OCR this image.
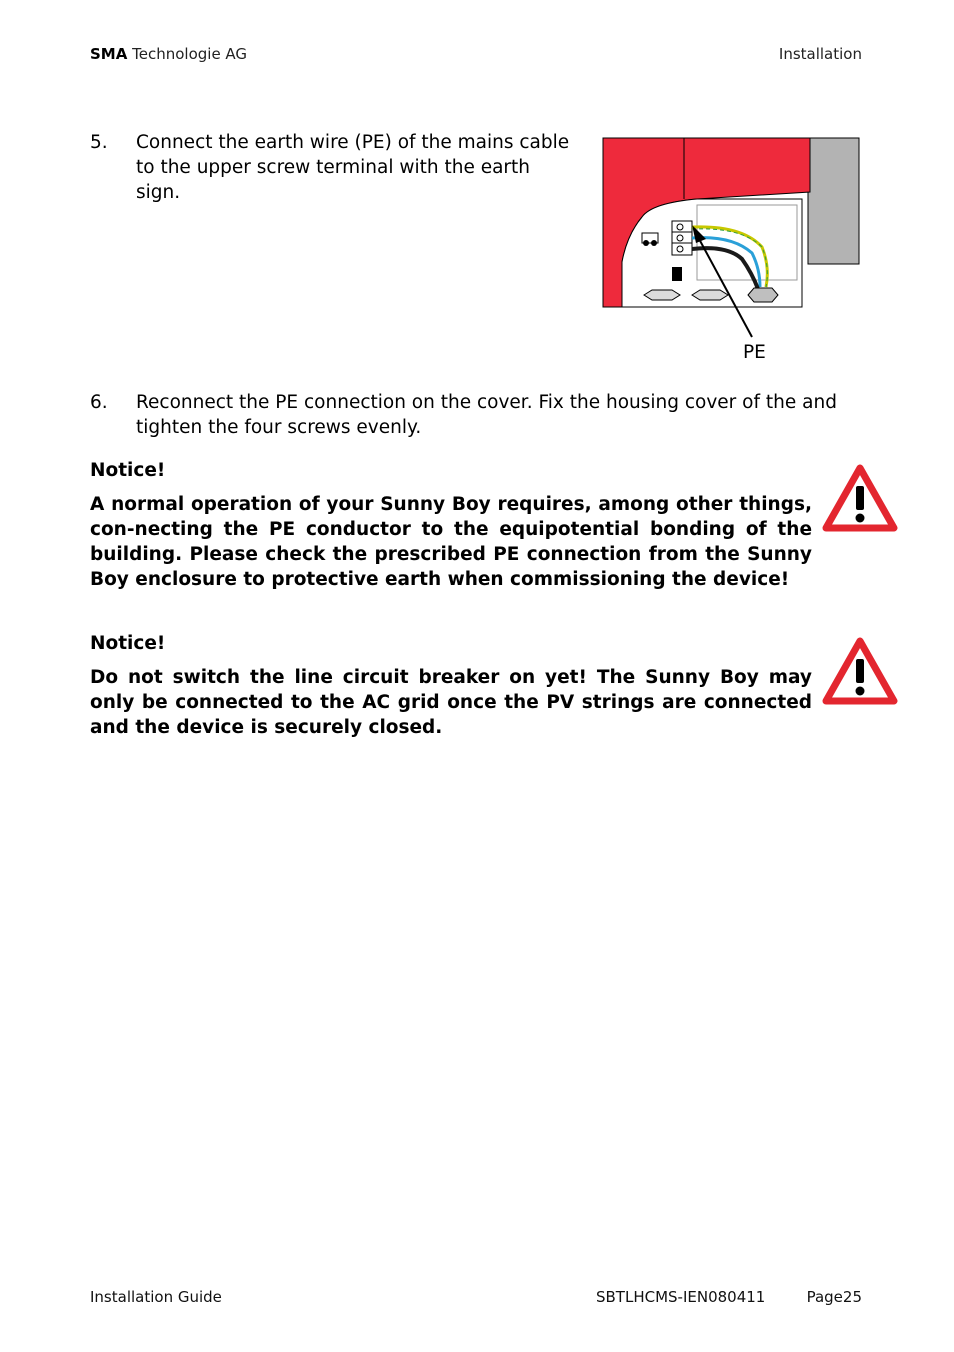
SMA Technologie AG	Installation
5. Connect the earth wire (PE) of the mains cable to the upper screw terminal with the earth sign.
PE
6. Reconnect the PE connection on the cover. Fix the housing cover of the and tighten the four screws evenly.
Notice!
A normal operation of your Sunny Boy requires, among other things, con-necting the PE conductor to the equipotential bonding of the building. Please check the prescribed PE connection from the Sunny Boy enclosure to protective earth when commissioning the device!
Notice!
Do not switch the line circuit breaker on yet! The Sunny Boy may only be connected to the AC grid once the PV strings are connected and the device is securely closed.
Installation Guide	SBTLHCMS-IEN080411	Page25
